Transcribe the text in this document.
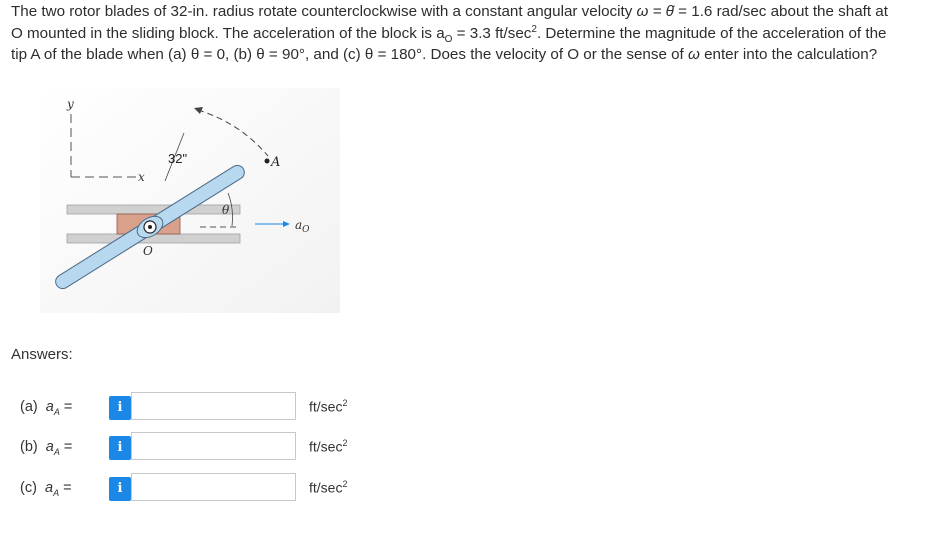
The two rotor blades of 32-in. radius rotate counterclockwise with a constant angular velocity ω = θ̇ = 1.6 rad/sec about the shaft at
O mounted in the sliding block. The acceleration of the block is $a_O = 3.3$ $ft/\sec^2$. Determine the magnitude of the acceleration of the
tip A of the blade when (a) θ = 0, (b) θ = 90°, and (c) θ = 180°. Does the velocity of O or the sense of ω enter into the calculation?
y
x
O
32"	A
θ
$a_O$
Answers:
(a) $a_A$ =	i	$ft/\sec^2$
(b) $a_A$ =	i	$ft/\sec^2$
(c) $a_A$ =	i	$ft/\sec^2$
